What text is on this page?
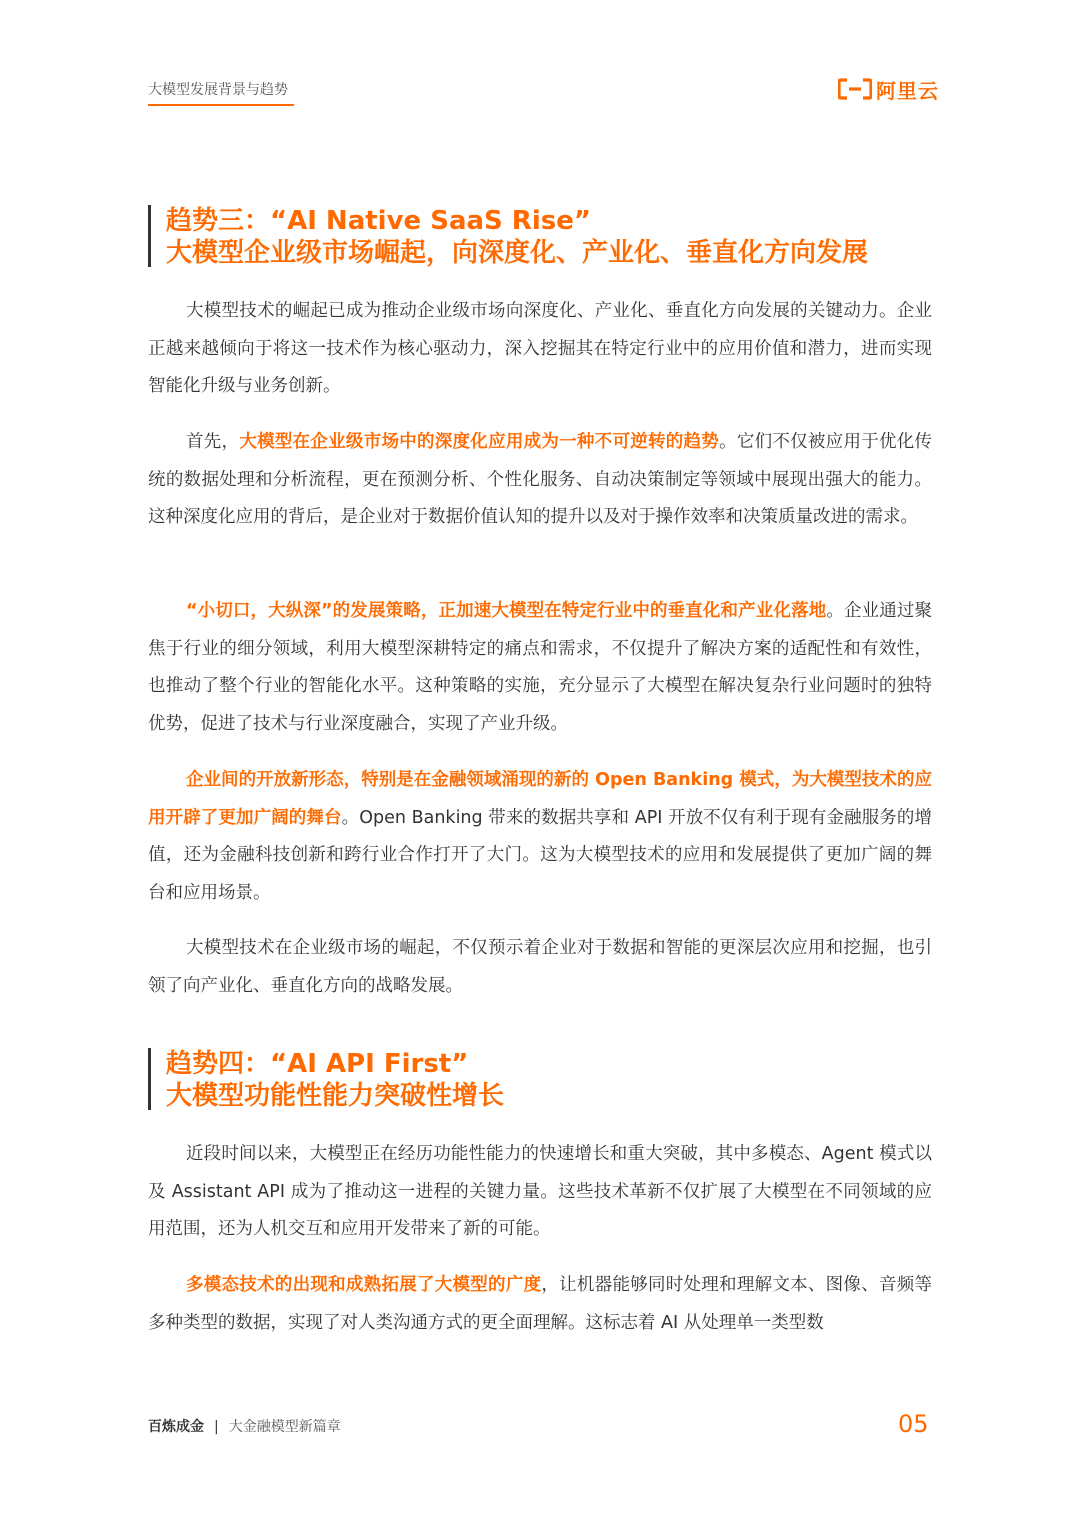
大模型发展背景与趋势	阿里云
趋势三：“AI Native SaaS Rise”
大模型企业级市场崛起，向深度化、产业化、垂直化方向发展
大模型技术的崛起已成为推动企业级市场向深度化、产业化、垂直化方向发展的关键动力。企业正越来越倾向于将这一技术作为核心驱动力，深入挖掘其在特定行业中的应用价值和潜力，进而实现智能化升级与业务创新。
首先，大模型在企业级市场中的深度化应用成为一种不可逆转的趋势。它们不仅被应用于优化传统的数据处理和分析流程，更在预测分析、个性化服务、自动决策制定等领域中展现出强大的能力。这种深度化应用的背后，是企业对于数据价值认知的提升以及对于操作效率和决策质量改进的需求。
“小切口，大纵深”的发展策略，正加速大模型在特定行业中的垂直化和产业化落地。企业通过聚焦于行业的细分领域，利用大模型深耕特定的痛点和需求，不仅提升了解决方案的适配性和有效性，也推动了整个行业的智能化水平。这种策略的实施，充分显示了大模型在解决复杂行业问题时的独特优势，促进了技术与行业深度融合，实现了产业升级。
企业间的开放新形态，特别是在金融领域涌现的新的 Open Banking 模式，为大模型技术的应用开辟了更加广阔的舞台。Open Banking 带来的数据共享和 API 开放不仅有利于现有金融服务的增值，还为金融科技创新和跨行业合作打开了大门。这为大模型技术的应用和发展提供了更加广阔的舞台和应用场景。
大模型技术在企业级市场的崛起，不仅预示着企业对于数据和智能的更深层次应用和挖掘，也引领了向产业化、垂直化方向的战略发展。
趋势四：“AI API First”
大模型功能性能力突破性增长
近段时间以来，大模型正在经历功能性能力的快速增长和重大突破，其中多模态、Agent 模式以及 Assistant API 成为了推动这一进程的关键力量。这些技术革新不仅扩展了大模型在不同领域的应用范围，还为人机交互和应用开发带来了新的可能。
多模态技术的出现和成熟拓展了大模型的广度，让机器能够同时处理和理解文本、图像、音频等多种类型的数据，实现了对人类沟通方式的更全面理解。这标志着 AI 从处理单一类型数
百炼成金 | 大金融模型新篇章	05
